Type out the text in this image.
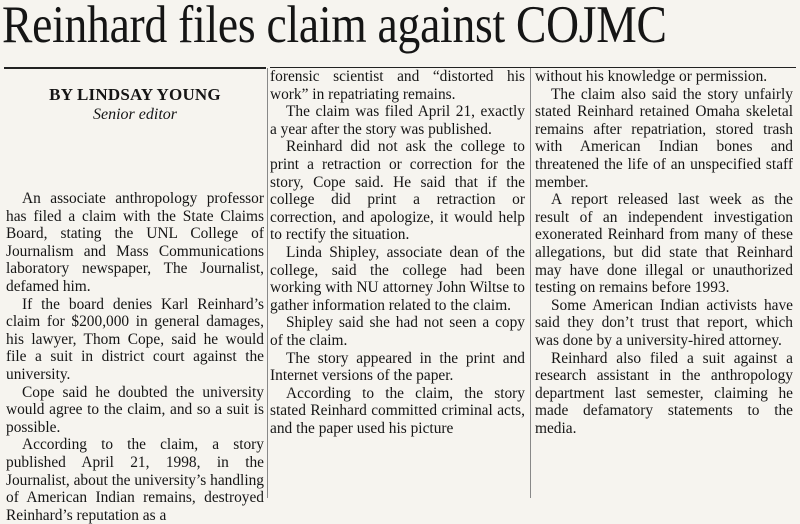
Reinhard files claim against COJMC
BY LINDSAY YOUNG
Senior editor

An associate anthropology professor has filed a claim with the State Claims Board, stating the UNL College of Journalism and Mass Communications laboratory newspaper, The Journalist, defamed him.

If the board denies Karl Reinhard’s claim for $200,000 in general damages, his lawyer, Thom Cope, said he would file a suit in district court against the university.

Cope said he doubted the university would agree to the claim, and so a suit is possible.

According to the claim, a story published April 21, 1998, in the Journalist, about the university’s handling of American Indian remains, destroyed Reinhard’s reputation as a

forensic scientist and “distorted his work” in repatriating remains.

The claim was filed April 21, exactly a year after the story was published.

Reinhard did not ask the college to print a retraction or correction for the story, Cope said. He said that if the college did print a retraction or correction, and apologize, it would help to rectify the situation.

Linda Shipley, associate dean of the college, said the college had been working with NU attorney John Wiltse to gather information related to the claim.

Shipley said she had not seen a copy of the claim.

The story appeared in the print and Internet versions of the paper.

According to the claim, the story stated Reinhard committed criminal acts, and the paper used his picture

without his knowledge or permission.

The claim also said the story unfairly stated Reinhard retained Omaha skeletal remains after repatriation, stored trash with American Indian bones and threatened the life of an unspecified staff member.

A report released last week as the result of an independent investigation exonerated Reinhard from many of these allegations, but did state that Reinhard may have done illegal or unauthorized testing on remains before 1993.

Some American Indian activists have said they don’t trust that report, which was done by a university-hired attorney.

Reinhard also filed a suit against a research assistant in the anthropology department last semester, claiming he made defamatory statements to the media.
